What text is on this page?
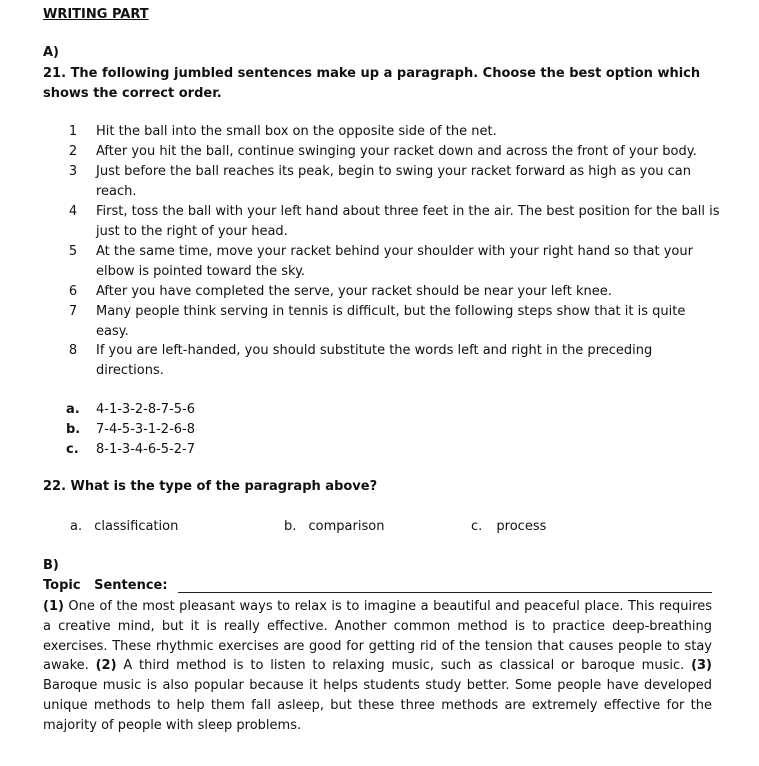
WRITING PART
A)
21. The following jumbled sentences make up a paragraph. Choose the best option which shows the correct order.
1 Hit the ball into the small box on the opposite side of the net.
2 After you hit the ball, continue swinging your racket down and across the front of your body.
3 Just before the ball reaches its peak, begin to swing your racket forward as high as you can reach.
4 First, toss the ball with your left hand about three feet in the air. The best position for the ball is just to the right of your head.
5 At the same time, move your racket behind your shoulder with your right hand so that your elbow is pointed toward the sky.
6 After you have completed the serve, your racket should be near your left knee.
7 Many people think serving in tennis is difficult, but the following steps show that it is quite easy.
8 If you are left-handed, you should substitute the words left and right in the preceding directions.
a.	4-1-3-2-8-7-5-6
b. 7-4-5-3-1-2-6-8
c.	8-1-3-4-6-5-2-7
22. What is the type of the paragraph above?
a. classification	b. comparison	c. process
B)
Topic   Sentence:
(1) One of the most pleasant ways to relax is to imagine a beautiful and peaceful place. This requires a creative mind, but it is really effective. Another common method is to practice deep-breathing exercises. These rhythmic exercises are good for getting rid of the tension that causes people to stay awake. (2) A third method is to listen to relaxing music, such as classical or baroque music. (3) Baroque music is also popular because it helps students study better. Some people have developed unique methods to help them fall asleep, but these three methods are extremely effective for the majority of people with sleep problems.
